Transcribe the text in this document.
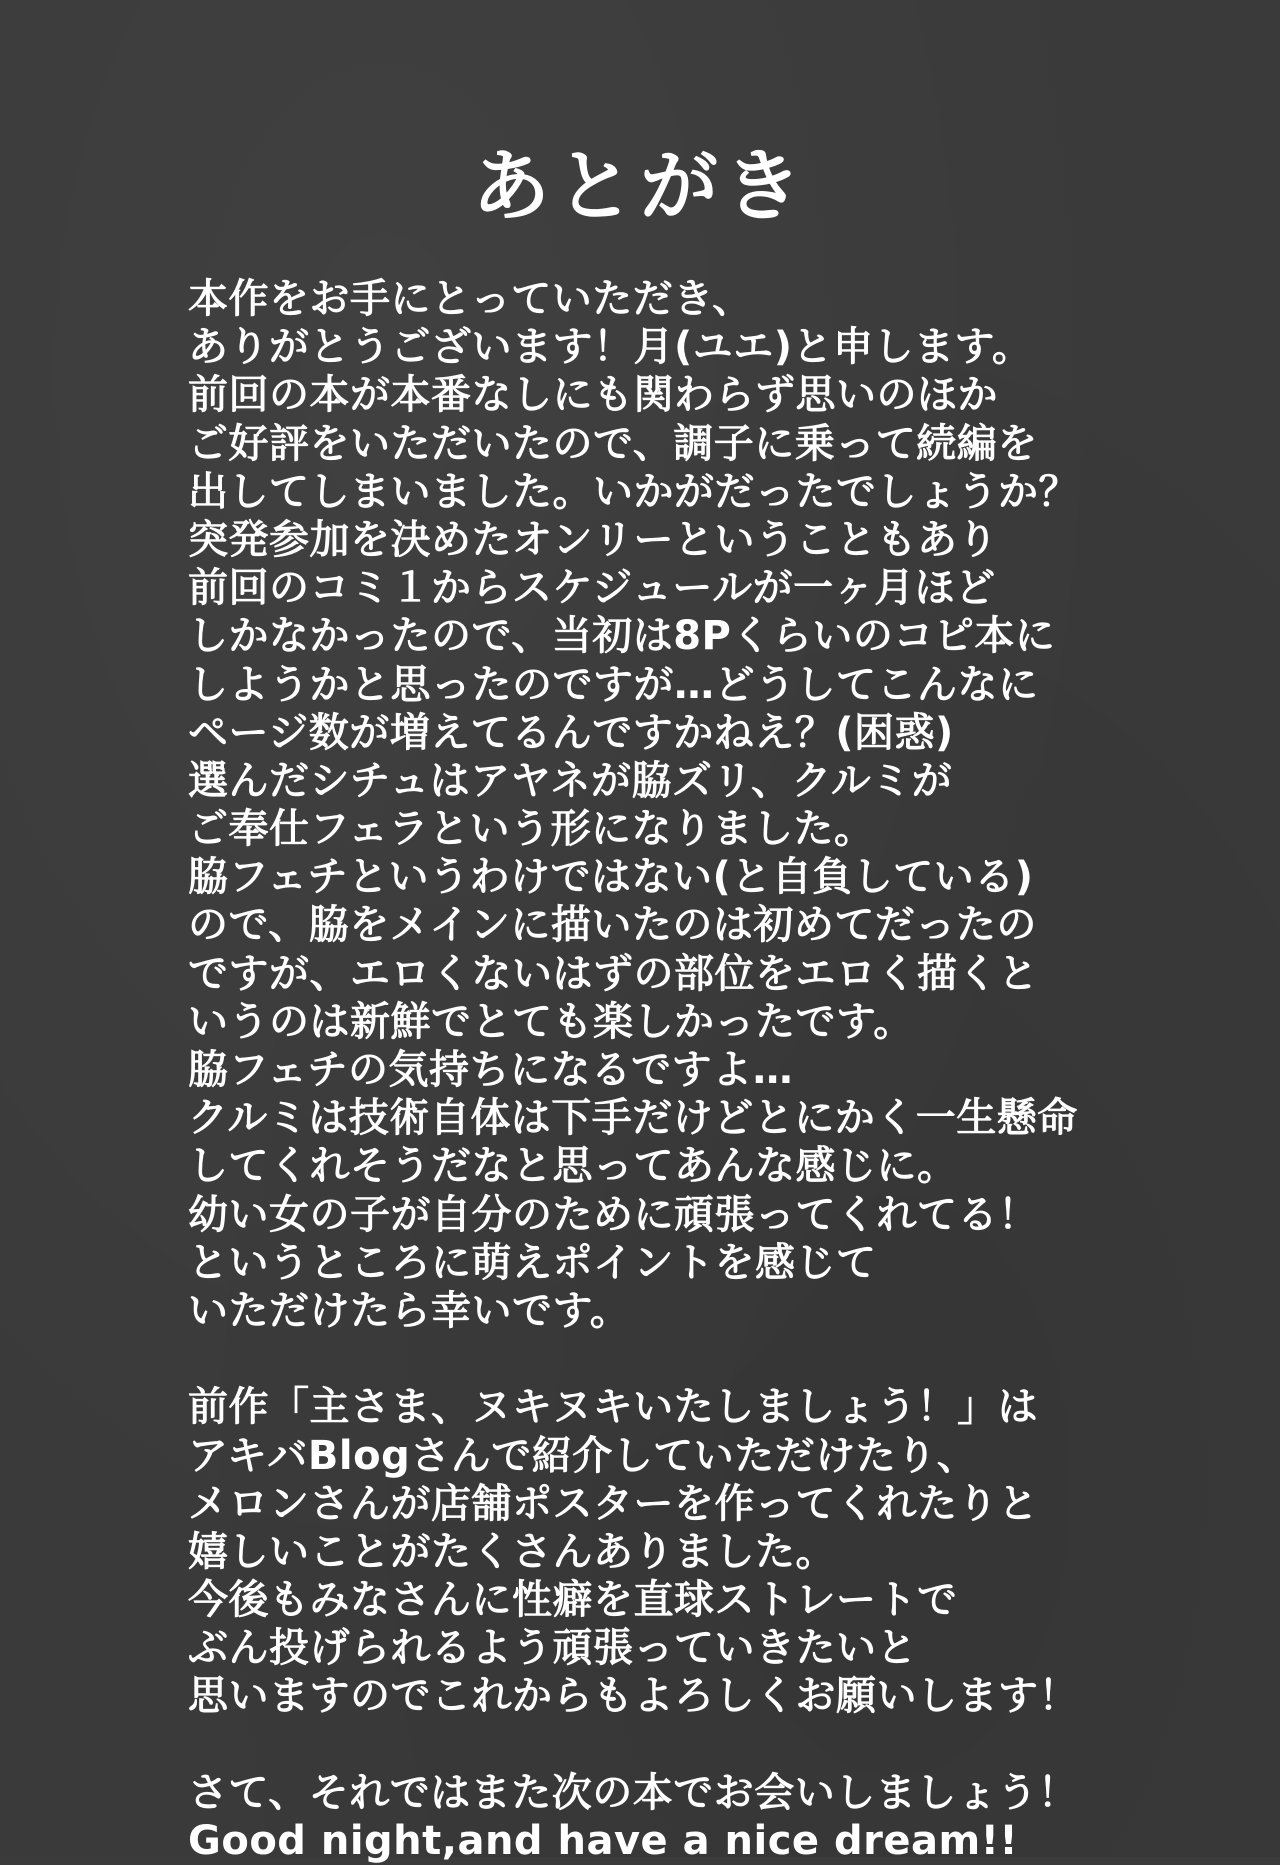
あとがき
本作をお手にとっていただき、
ありがとうございます！月(ユエ)と申します。
前回の本が本番なしにも関わらず思いのほか
ご好評をいただいたので、調子に乗って続編を
出してしまいました。いかがだったでしょうか？
突発参加を決めたオンリーということもあり
前回のコミ１からスケジュールが一ヶ月ほど
しかなかったので、当初は8Pくらいのコピ本に
しようかと思ったのですが…どうしてこんなに
ページ数が増えてるんですかねえ？(困惑)
選んだシチュはアヤネが脇ズリ、クルミが
ご奉仕フェラという形になりました。
脇フェチというわけではない(と自負している)
ので、脇をメインに描いたのは初めてだったの
ですが、エロくないはずの部位をエロく描くと
いうのは新鮮でとても楽しかったです。
脇フェチの気持ちになるですよ…
クルミは技術自体は下手だけどとにかく一生懸命
してくれそうだなと思ってあんな感じに。
幼い女の子が自分のために頑張ってくれてる！
というところに萌えポイントを感じて
いただけたら幸いです。
前作「主さま、ヌキヌキいたしましょう！」は
アキバBlogさんで紹介していただけたり、
メロンさんが店舗ポスターを作ってくれたりと
嬉しいことがたくさんありました。
今後もみなさんに性癖を直球ストレートで
ぶん投げられるよう頑張っていきたいと
思いますのでこれからもよろしくお願いします！
さて、それではまた次の本でお会いしましょう！
Good night,and have a nice dream!!
